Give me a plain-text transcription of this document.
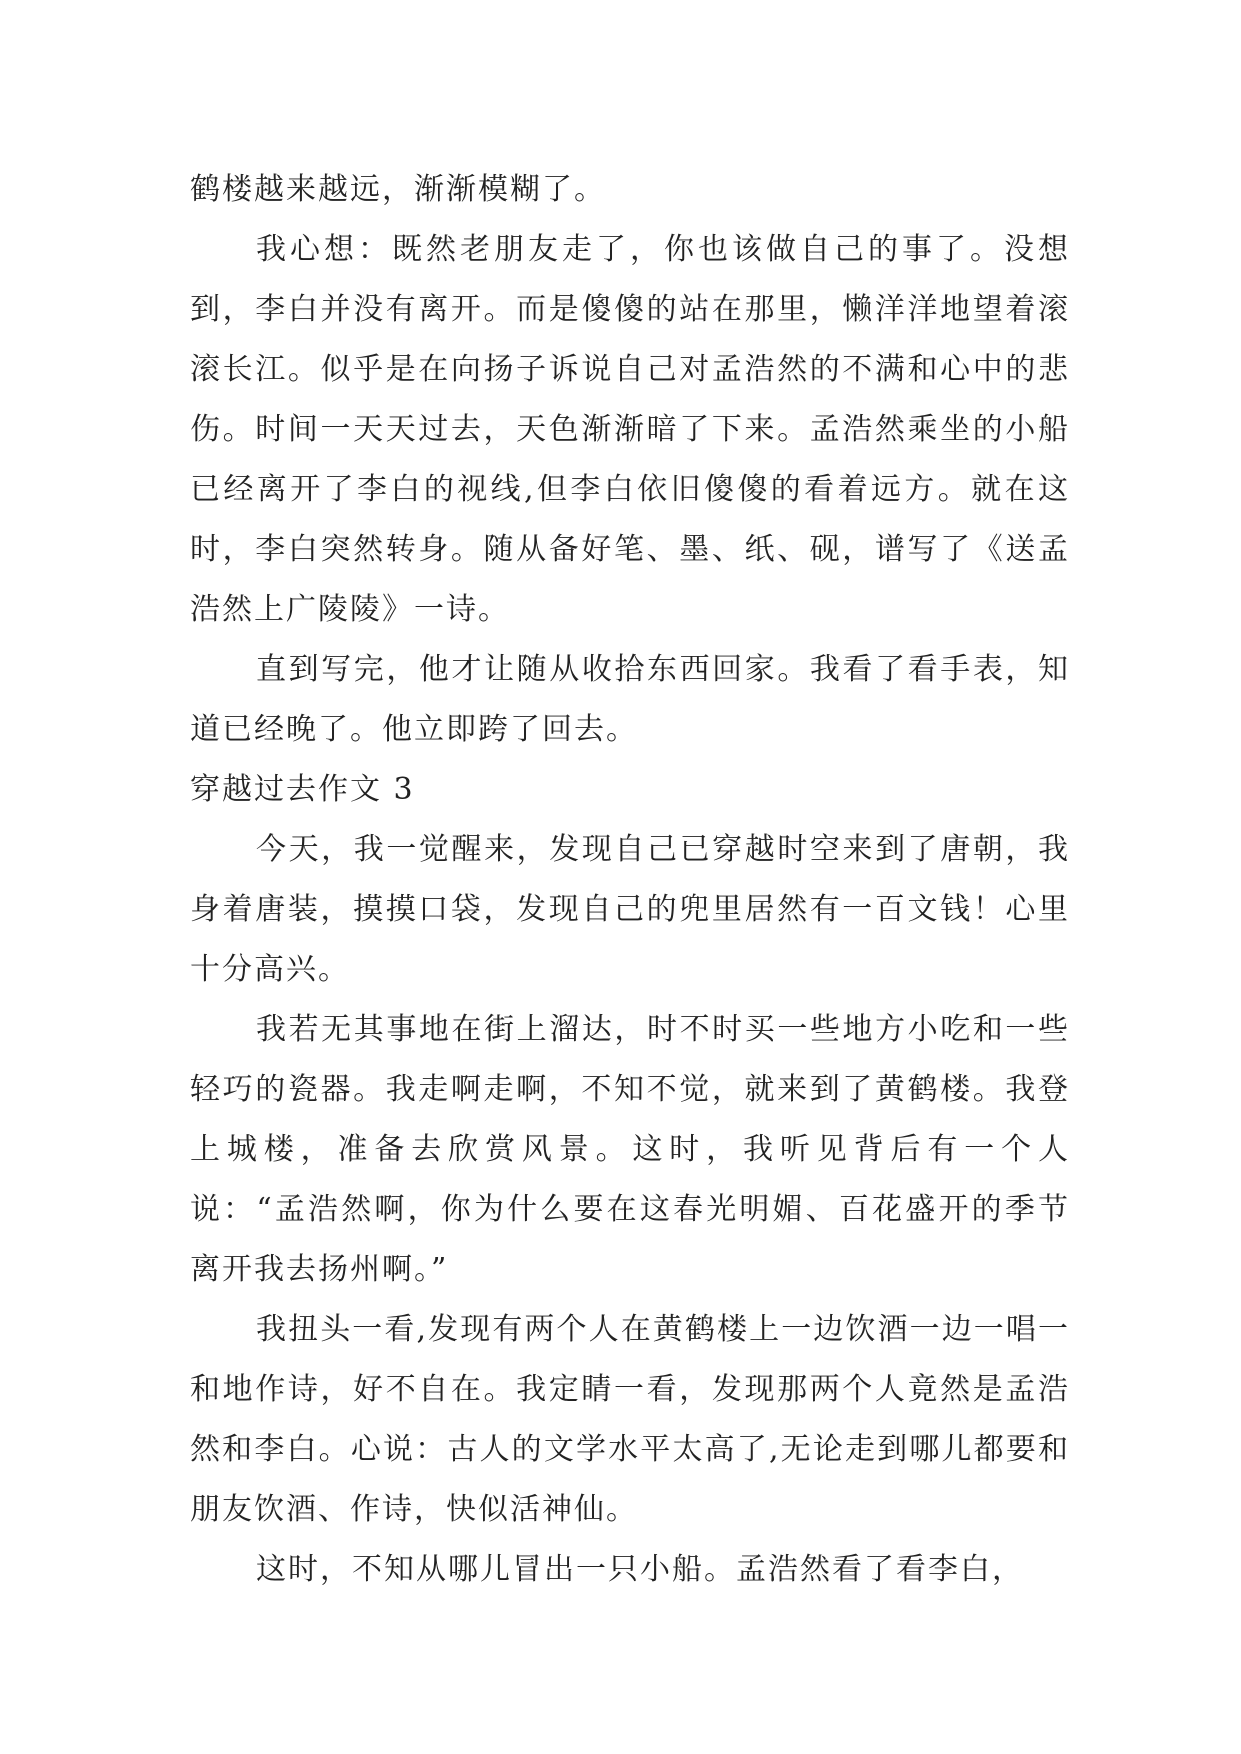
鹤楼越来越远，渐渐模糊了。

我心想：既然老朋友走了，你也该做自己的事了。没想到，李白并没有离开。而是傻傻的站在那里，懒洋洋地望着滚滚长江。似乎是在向扬子诉说自己对孟浩然的不满和心中的悲伤。时间一天天过去，天色渐渐暗了下来。孟浩然乘坐的小船已经离开了李白的视线,但李白依旧傻傻的看着远方。就在这时，李白突然转身。随从备好笔、墨、纸、砚，谱写了《送孟浩然上广陵陵》一诗。

直到写完，他才让随从收拾东西回家。我看了看手表，知道已经晚了。他立即跨了回去。

穿越过去作文 3

今天，我一觉醒来，发现自己已穿越时空来到了唐朝，我身着唐装，摸摸口袋，发现自己的兜里居然有一百文钱！心里十分高兴。

我若无其事地在街上溜达，时不时买一些地方小吃和一些轻巧的瓷器。我走啊走啊，不知不觉，就来到了黄鹤楼。我登上城楼，准备去欣赏风景。这时，我听见背后有一个人说：“孟浩然啊，你为什么要在这春光明媚、百花盛开的季节离开我去扬州啊。”

我扭头一看,发现有两个人在黄鹤楼上一边饮酒一边一唱一和地作诗，好不自在。我定睛一看，发现那两个人竟然是孟浩然和李白。心说：古人的文学水平太高了,无论走到哪儿都要和朋友饮酒、作诗，快似活神仙。

这时，不知从哪儿冒出一只小船。孟浩然看了看李白，
